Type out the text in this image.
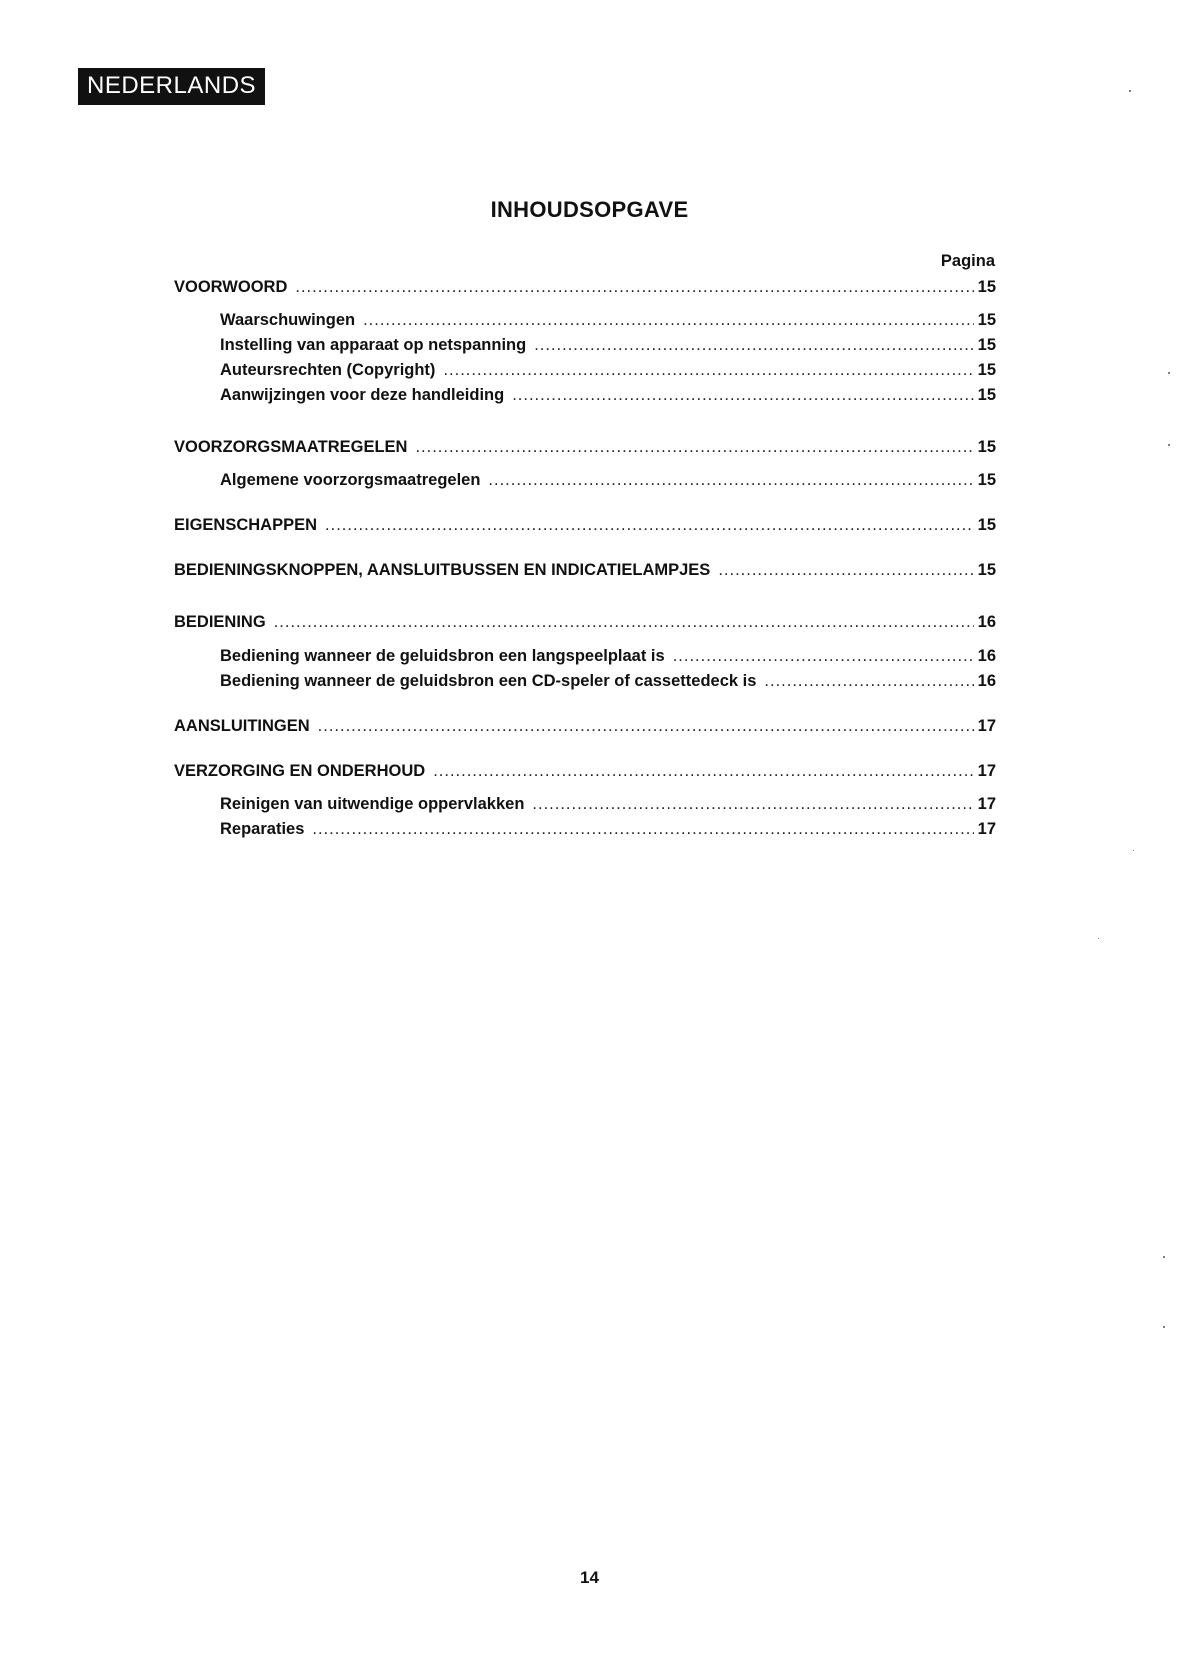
NEDERLANDS
INHOUDSOPGAVE
Pagina
VOORWOORD .....	15
Waarschuwingen .....	15
Instelling van apparaat op netspanning .....	15
Auteursrechten (Copyright) .....	15
Aanwijzingen voor deze handleiding .....	15
VOORZORGSMAATREGELEN .....	15
Algemene voorzorgsmaatregelen .....	15
EIGENSCHAPPEN .....	15
BEDIENINGSKNOPPEN, AANSLUITBUSSEN EN INDICATIELAMPJES .....	15
BEDIENING .....	16
Bediening wanneer de geluidsbron een langspeelplaat is .....	16
Bediening wanneer de geluidsbron een CD-speler of cassettedeck is .....	16
AANSLUITINGEN .....	17
VERZORGING EN ONDERHOUD .....	17
Reinigen van uitwendige oppervlakken .....	17
Reparaties .....	17
14
